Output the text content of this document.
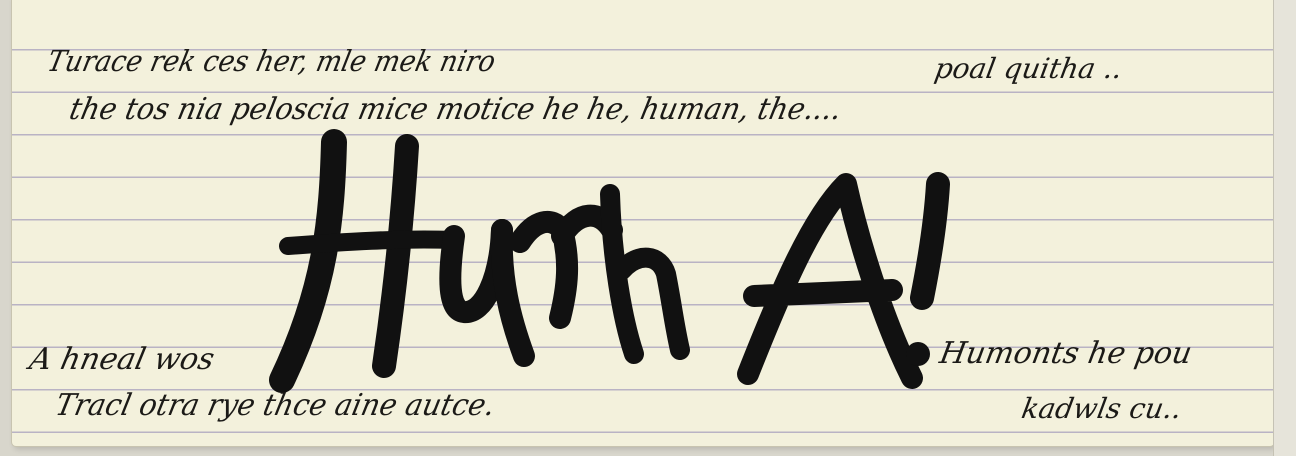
Turace rek ces her, mle mek niro
the tos nia peloscia mice motice he he, human, the....
poal quitha ..
A hneal wos
Tracl otra rye thce aine autce.
Humonts he pou
kadwls cu..
